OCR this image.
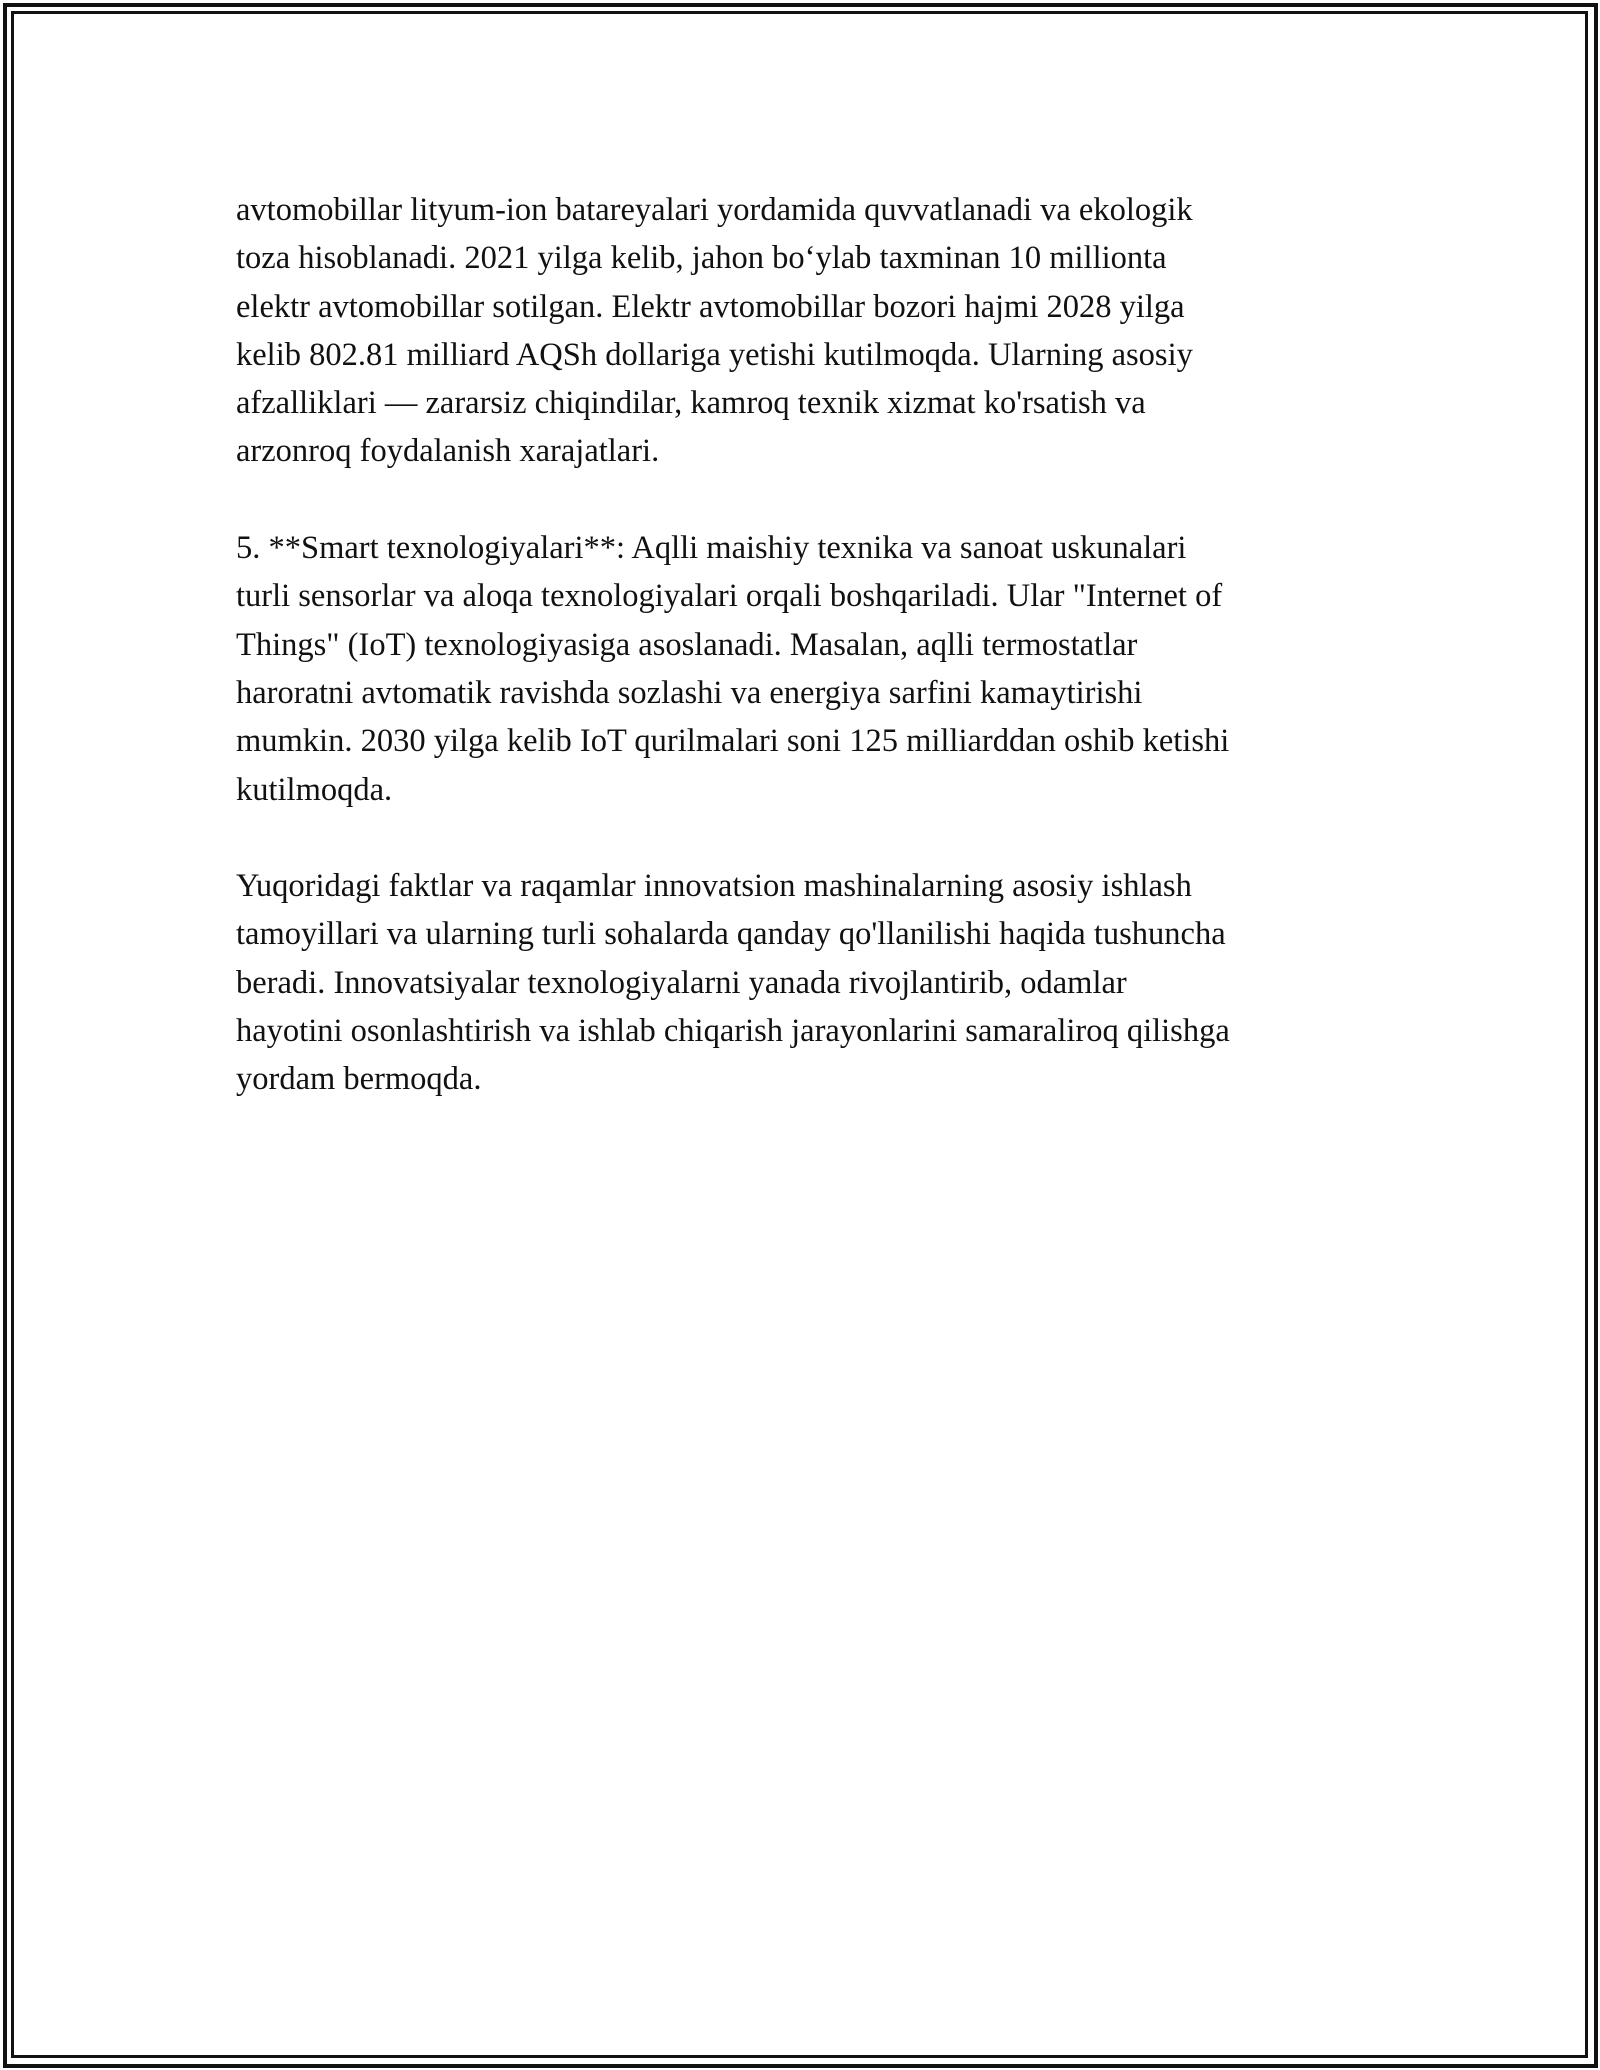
avtomobillar lityum-ion batareyalari yordamida quvvatlanadi va ekologik
toza hisoblanadi. 2021 yilga kelib, jahon bo‘ylab taxminan 10 millionta
elektr avtomobillar sotilgan. Elektr avtomobillar bozori hajmi 2028 yilga
kelib 802.81 milliard AQSh dollariga yetishi kutilmoqda. Ularning asosiy
afzalliklari — zararsiz chiqindilar, kamroq texnik xizmat ko'rsatish va
arzonroq foydalanish xarajatlari.

5. **Smart texnologiyalari**: Aqlli maishiy texnika va sanoat uskunalari
turli sensorlar va aloqa texnologiyalari orqali boshqariladi. Ular "Internet of
Things" (IoT) texnologiyasiga asoslanadi. Masalan, aqlli termostatlar
haroratni avtomatik ravishda sozlashi va energiya sarfini kamaytirishi
mumkin. 2030 yilga kelib IoT qurilmalari soni 125 milliarddan oshib ketishi
kutilmoqda.

Yuqoridagi faktlar va raqamlar innovatsion mashinalarning asosiy ishlash
tamoyillari va ularning turli sohalarda qanday qo'llanilishi haqida tushuncha
beradi. Innovatsiyalar texnologiyalarni yanada rivojlantirib, odamlar
hayotini osonlashtirish va ishlab chiqarish jarayonlarini samaraliroq qilishga
yordam bermoqda.
